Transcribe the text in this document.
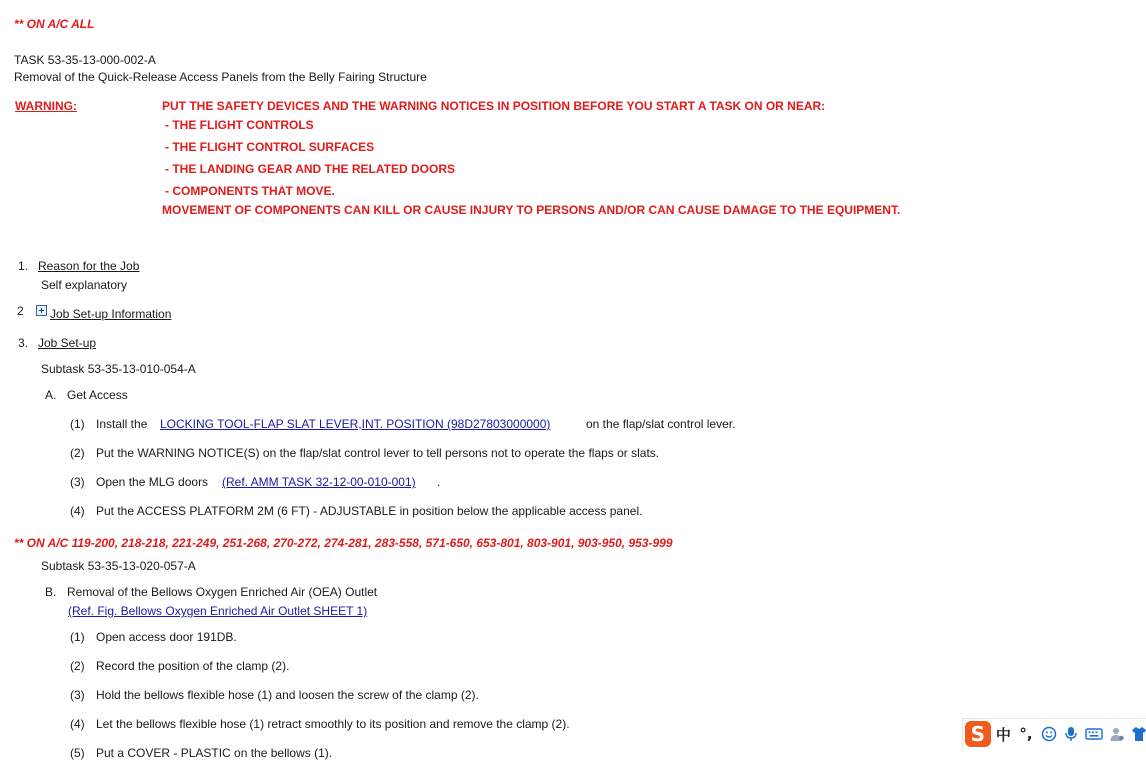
** ON A/C ALL
TASK 53-35-13-000-002-A
Removal of the Quick-Release Access Panels from the Belly Fairing Structure
WARNING:	PUT THE SAFETY DEVICES AND THE WARNING NOTICES IN POSITION BEFORE YOU START A TASK ON OR NEAR:
- THE FLIGHT CONTROLS
- THE FLIGHT CONTROL SURFACES
- THE LANDING GEAR AND THE RELATED DOORS
- COMPONENTS THAT MOVE.
MOVEMENT OF COMPONENTS CAN KILL OR CAUSE INJURY TO PERSONS AND/OR CAN CAUSE DAMAGE TO THE EQUIPMENT.
1. Reason for the Job
Self explanatory
2 Job Set-up Information
3. Job Set-up
Subtask 53-35-13-010-054-A
A. Get Access
(1) Install the LOCKING TOOL-FLAP SLAT LEVER,INT. POSITION (98D27803000000)	on the flap/slat control lever.
(2) Put the WARNING NOTICE(S) on the flap/slat control lever to tell persons not to operate the flaps or slats.
(3) Open the MLG doors (Ref. AMM TASK 32-12-00-010-001) .
(4) Put the ACCESS PLATFORM 2M (6 FT) - ADJUSTABLE in position below the applicable access panel.
** ON A/C 119-200, 218-218, 221-249, 251-268, 270-272, 274-281, 283-558, 571-650, 653-801, 803-901, 903-950, 953-999
Subtask 53-35-13-020-057-A
B. Removal of the Bellows Oxygen Enriched Air (OEA) Outlet
(Ref. Fig. Bellows Oxygen Enriched Air Outlet SHEET 1)
(1) Open access door 191DB.
(2) Record the position of the clamp (2).
(3) Hold the bellows flexible hose (1) and loosen the screw of the clamp (2).
(4) Let the bellows flexible hose (1) retract smoothly to its position and remove the clamp (2).
(5) Put a COVER - PLASTIC on the bellows (1).
S 中 °,
